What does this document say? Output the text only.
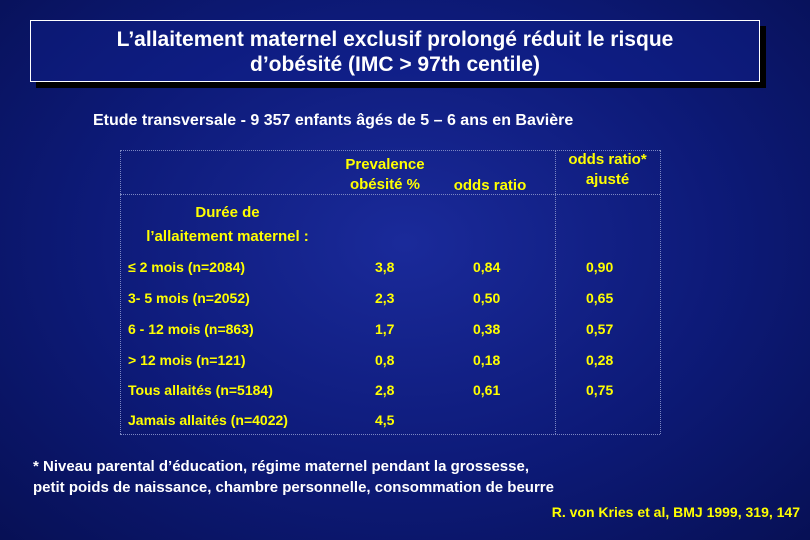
L’allaitement maternel exclusif prolongé réduit le risque
d’obésité (IMC > 97th centile)
Etude transversale - 9 357 enfants âgés de 5 – 6 ans en Bavière
Prevalence
obésité %	odds ratio
odds ratio*
ajusté
Durée de
l’allaitement maternel :
≤ 2 mois (n=2084)	3,8	0,84	0,90
3- 5 mois (n=2052)	2,3	0,50	0,65
6 - 12 mois (n=863)	1,7	0,38	0,57
> 12 mois (n=121)	0,8	0,18	0,28
Tous allaités (n=5184)	2,8	0,61	0,75
Jamais allaités (n=4022)	4,5
* Niveau parental d’éducation, régime maternel pendant la grossesse,
petit poids de naissance, chambre personnelle, consommation de beurre
R. von Kries et al, BMJ 1999, 319, 147
